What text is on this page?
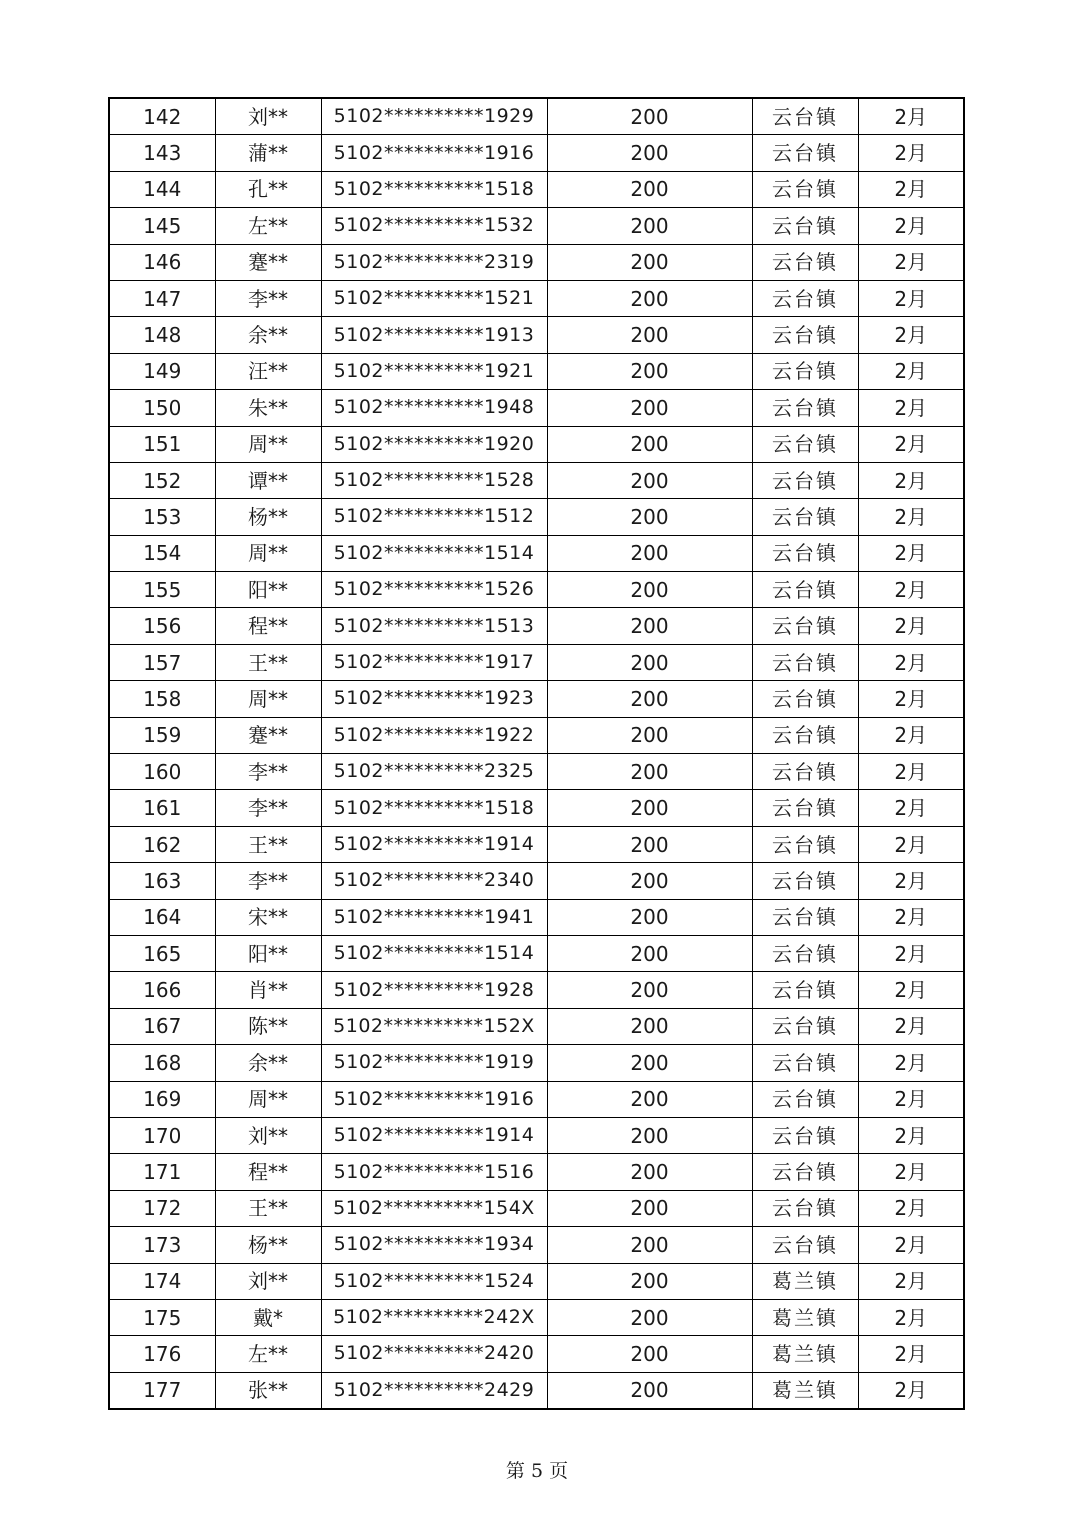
142	刘**	5102**********1929	200	云台镇	2月
143	蒲**	5102**********1916	200	云台镇	2月
144	孔**	5102**********1518	200	云台镇	2月
145	左**	5102**********1532	200	云台镇	2月
146	蹇**	5102**********2319	200	云台镇	2月
147	李**	5102**********1521	200	云台镇	2月
148	余**	5102**********1913	200	云台镇	2月
149	汪**	5102**********1921	200	云台镇	2月
150	朱**	5102**********1948	200	云台镇	2月
151	周**	5102**********1920	200	云台镇	2月
152	谭**	5102**********1528	200	云台镇	2月
153	杨**	5102**********1512	200	云台镇	2月
154	周**	5102**********1514	200	云台镇	2月
155	阳**	5102**********1526	200	云台镇	2月
156	程**	5102**********1513	200	云台镇	2月
157	王**	5102**********1917	200	云台镇	2月
158	周**	5102**********1923	200	云台镇	2月
159	蹇**	5102**********1922	200	云台镇	2月
160	李**	5102**********2325	200	云台镇	2月
161	李**	5102**********1518	200	云台镇	2月
162	王**	5102**********1914	200	云台镇	2月
163	李**	5102**********2340	200	云台镇	2月
164	宋**	5102**********1941	200	云台镇	2月
165	阳**	5102**********1514	200	云台镇	2月
166	肖**	5102**********1928	200	云台镇	2月
167	陈**	5102**********152X	200	云台镇	2月
168	余**	5102**********1919	200	云台镇	2月
169	周**	5102**********1916	200	云台镇	2月
170	刘**	5102**********1914	200	云台镇	2月
171	程**	5102**********1516	200	云台镇	2月
172	王**	5102**********154X	200	云台镇	2月
173	杨**	5102**********1934	200	云台镇	2月
174	刘**	5102**********1524	200	葛兰镇	2月
175	戴*	5102**********242X	200	葛兰镇	2月
176	左**	5102**********2420	200	葛兰镇	2月
177	张**	5102**********2429	200	葛兰镇	2月
第 5 页
